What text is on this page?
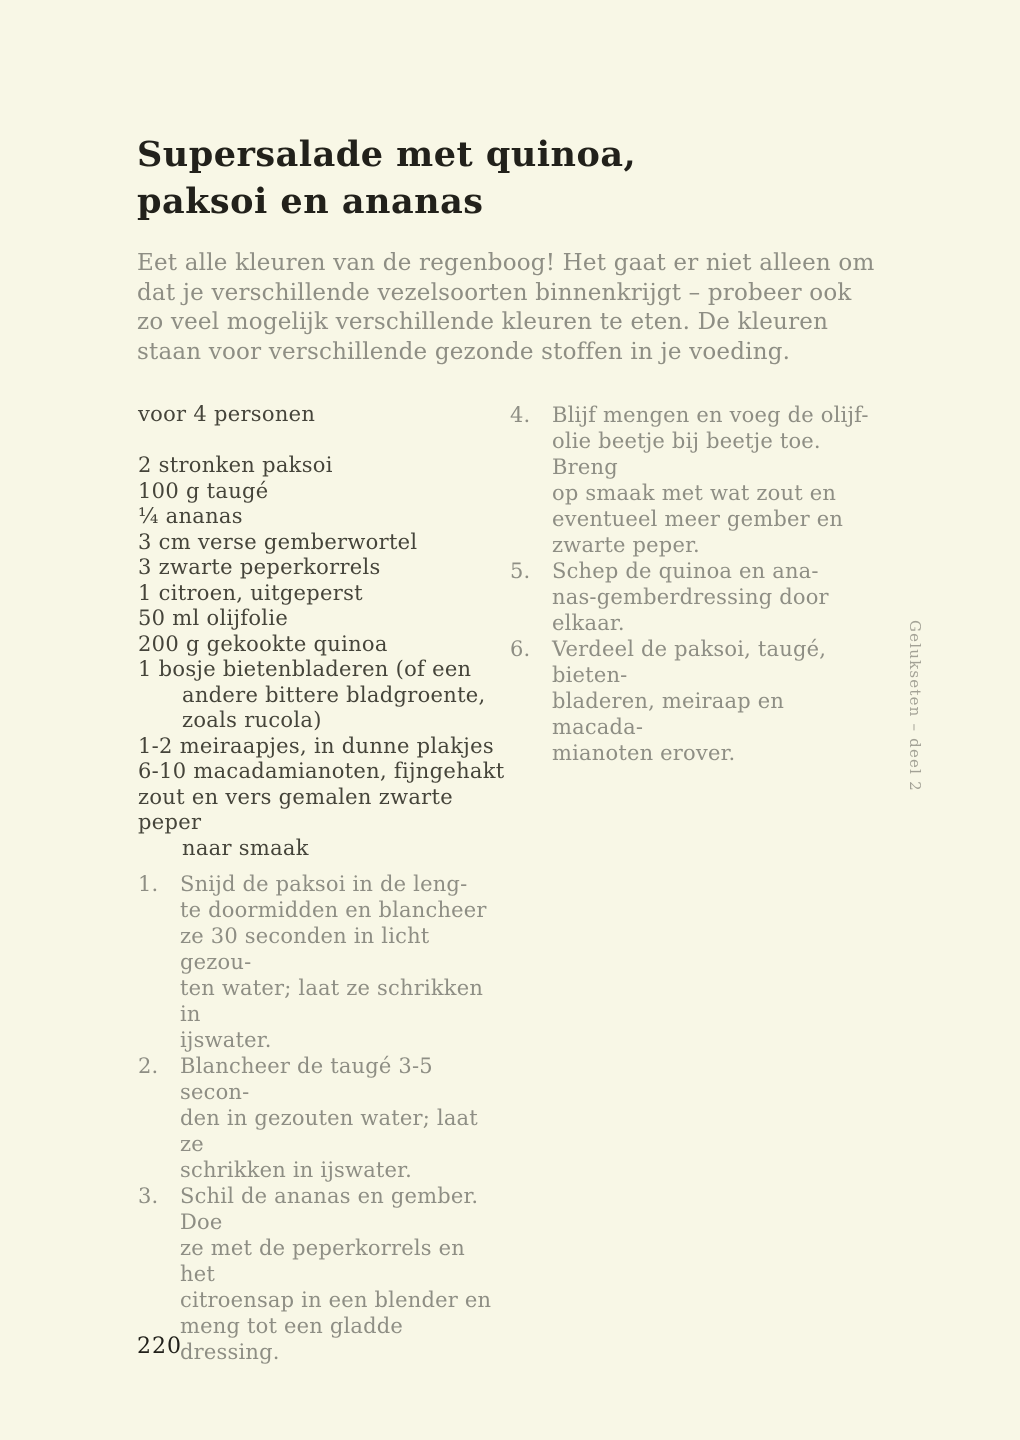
Supersalade met quinoa,
paksoi en ananas
Eet alle kleuren van de regenboog! Het gaat er niet alleen om
dat je verschillende vezelsoorten binnenkrijgt – probeer ook
zo veel mogelijk verschillende kleuren te eten. De kleuren
staan voor verschillende gezonde stoffen in je voeding.
voor 4 personen
2 stronken paksoi
100 g taugé
¼ ananas
3 cm verse gemberwortel
3 zwarte peperkorrels
1 citroen, uitgeperst
50 ml olijfolie
200 g gekookte quinoa
1 bosje bietenbladeren (of een
andere bittere bladgroente,
zoals rucola)
1-2 meiraapjes, in dunne plakjes
6-10 macadamianoten, fijngehakt
zout en vers gemalen zwarte peper
naar smaak
1.	Snijd de paksoi in de leng-
te doormidden en blancheer
ze 30 seconden in licht gezou-
ten water; laat ze schrikken in
ijswater.
2.	Blancheer de taugé 3-5 secon-
den in gezouten water; laat ze
schrikken in ijswater.
3.	Schil de ananas en gember. Doe
ze met de peperkorrels en het
citroensap in een blender en
meng tot een gladde dressing.
4.	Blijf mengen en voeg de olijf-
olie beetje bij beetje toe. Breng
op smaak met wat zout en
eventueel meer gember en
zwarte peper.
5.	Schep de quinoa en ana-
nas-gemberdressing door
elkaar.
6.	Verdeel de paksoi, taugé, bieten-
bladeren, meiraap en macada-
mianoten erover.	Gelukseten – deel 2
220
